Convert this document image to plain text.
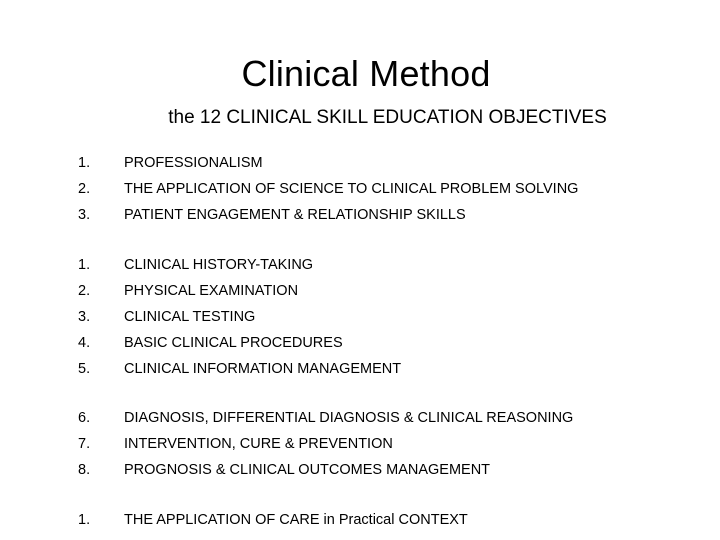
Clinical Method
the 12 CLINICAL SKILL EDUCATION OBJECTIVES
1.	PROFESSIONALISM
2.	THE APPLICATION OF SCIENCE TO CLINICAL PROBLEM SOLVING
3.	PATIENT ENGAGEMENT & RELATIONSHIP SKILLS
1.	CLINICAL HISTORY-TAKING
2.	PHYSICAL EXAMINATION
3.	CLINICAL TESTING
4.	BASIC CLINICAL PROCEDURES
5.	CLINICAL INFORMATION MANAGEMENT
6.	DIAGNOSIS, DIFFERENTIAL DIAGNOSIS & CLINICAL REASONING
7.	INTERVENTION, CURE & PREVENTION
8.	PROGNOSIS & CLINICAL OUTCOMES MANAGEMENT
1.	THE APPLICATION OF CARE in Practical CONTEXT
